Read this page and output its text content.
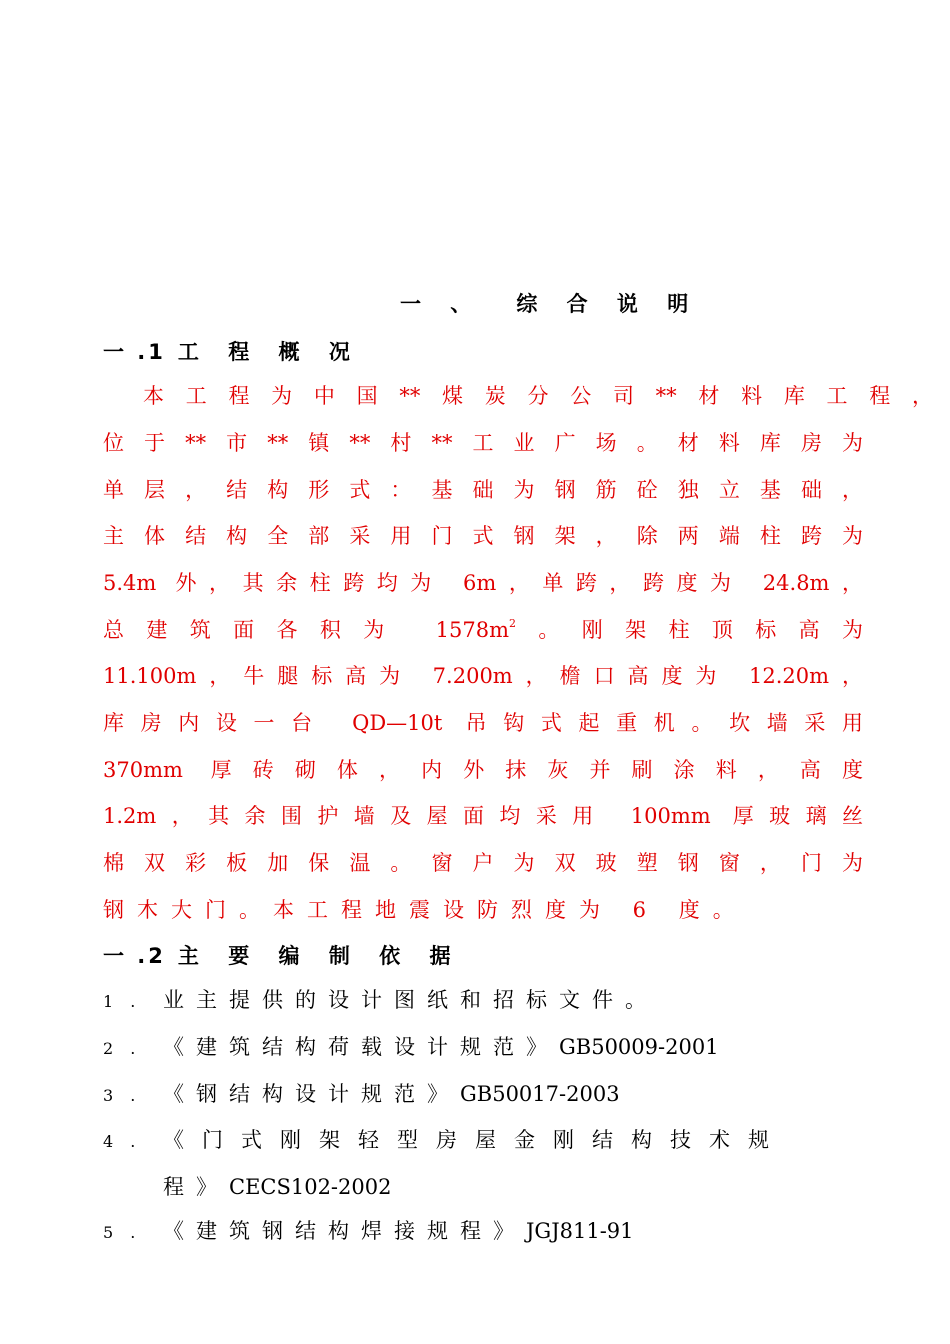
一 、 综 合 说 明
一 .1 工 程 概 况
本工程为中国**煤炭分公司**材料库工程，
位于**市**镇**村**工业广场。材料库房为
单层，结构形式：基础为钢筋砼独立基础，
主体结构全部采用门式钢架，除两端柱跨为
5.4m 外，其余柱跨均为 6m，单跨，跨度为 24.8m，
总建筑面各积为 $1578m^2$。刚架柱顶标高为
11.100m，牛腿标高为 7.200m，檐口高度为 12.20m，
库房内设一台 QD—10t 吊钩式起重机。坎墙采用
370mm 厚砖砌体，内外抹灰并刷涂料，高度
1.2m，其余围护墙及屋面均采用 100mm 厚玻璃丝
棉双彩板加保温。窗户为双玻塑钢窗，门为
钢木大门。本工程地震设防烈度为 6 度。
一 .2 主 要 编 制 依 据
1 . 业主提供的设计图纸和招标文件。
2 . 《建筑结构荷载设计规范》GB50009-2001
3 . 《钢结构设计规范》GB50017-2003
4 . 《门式刚架轻型房屋金刚结构技术规
程》CECS102-2002
5 . 《建筑钢结构焊接规程》JGJ811-91
